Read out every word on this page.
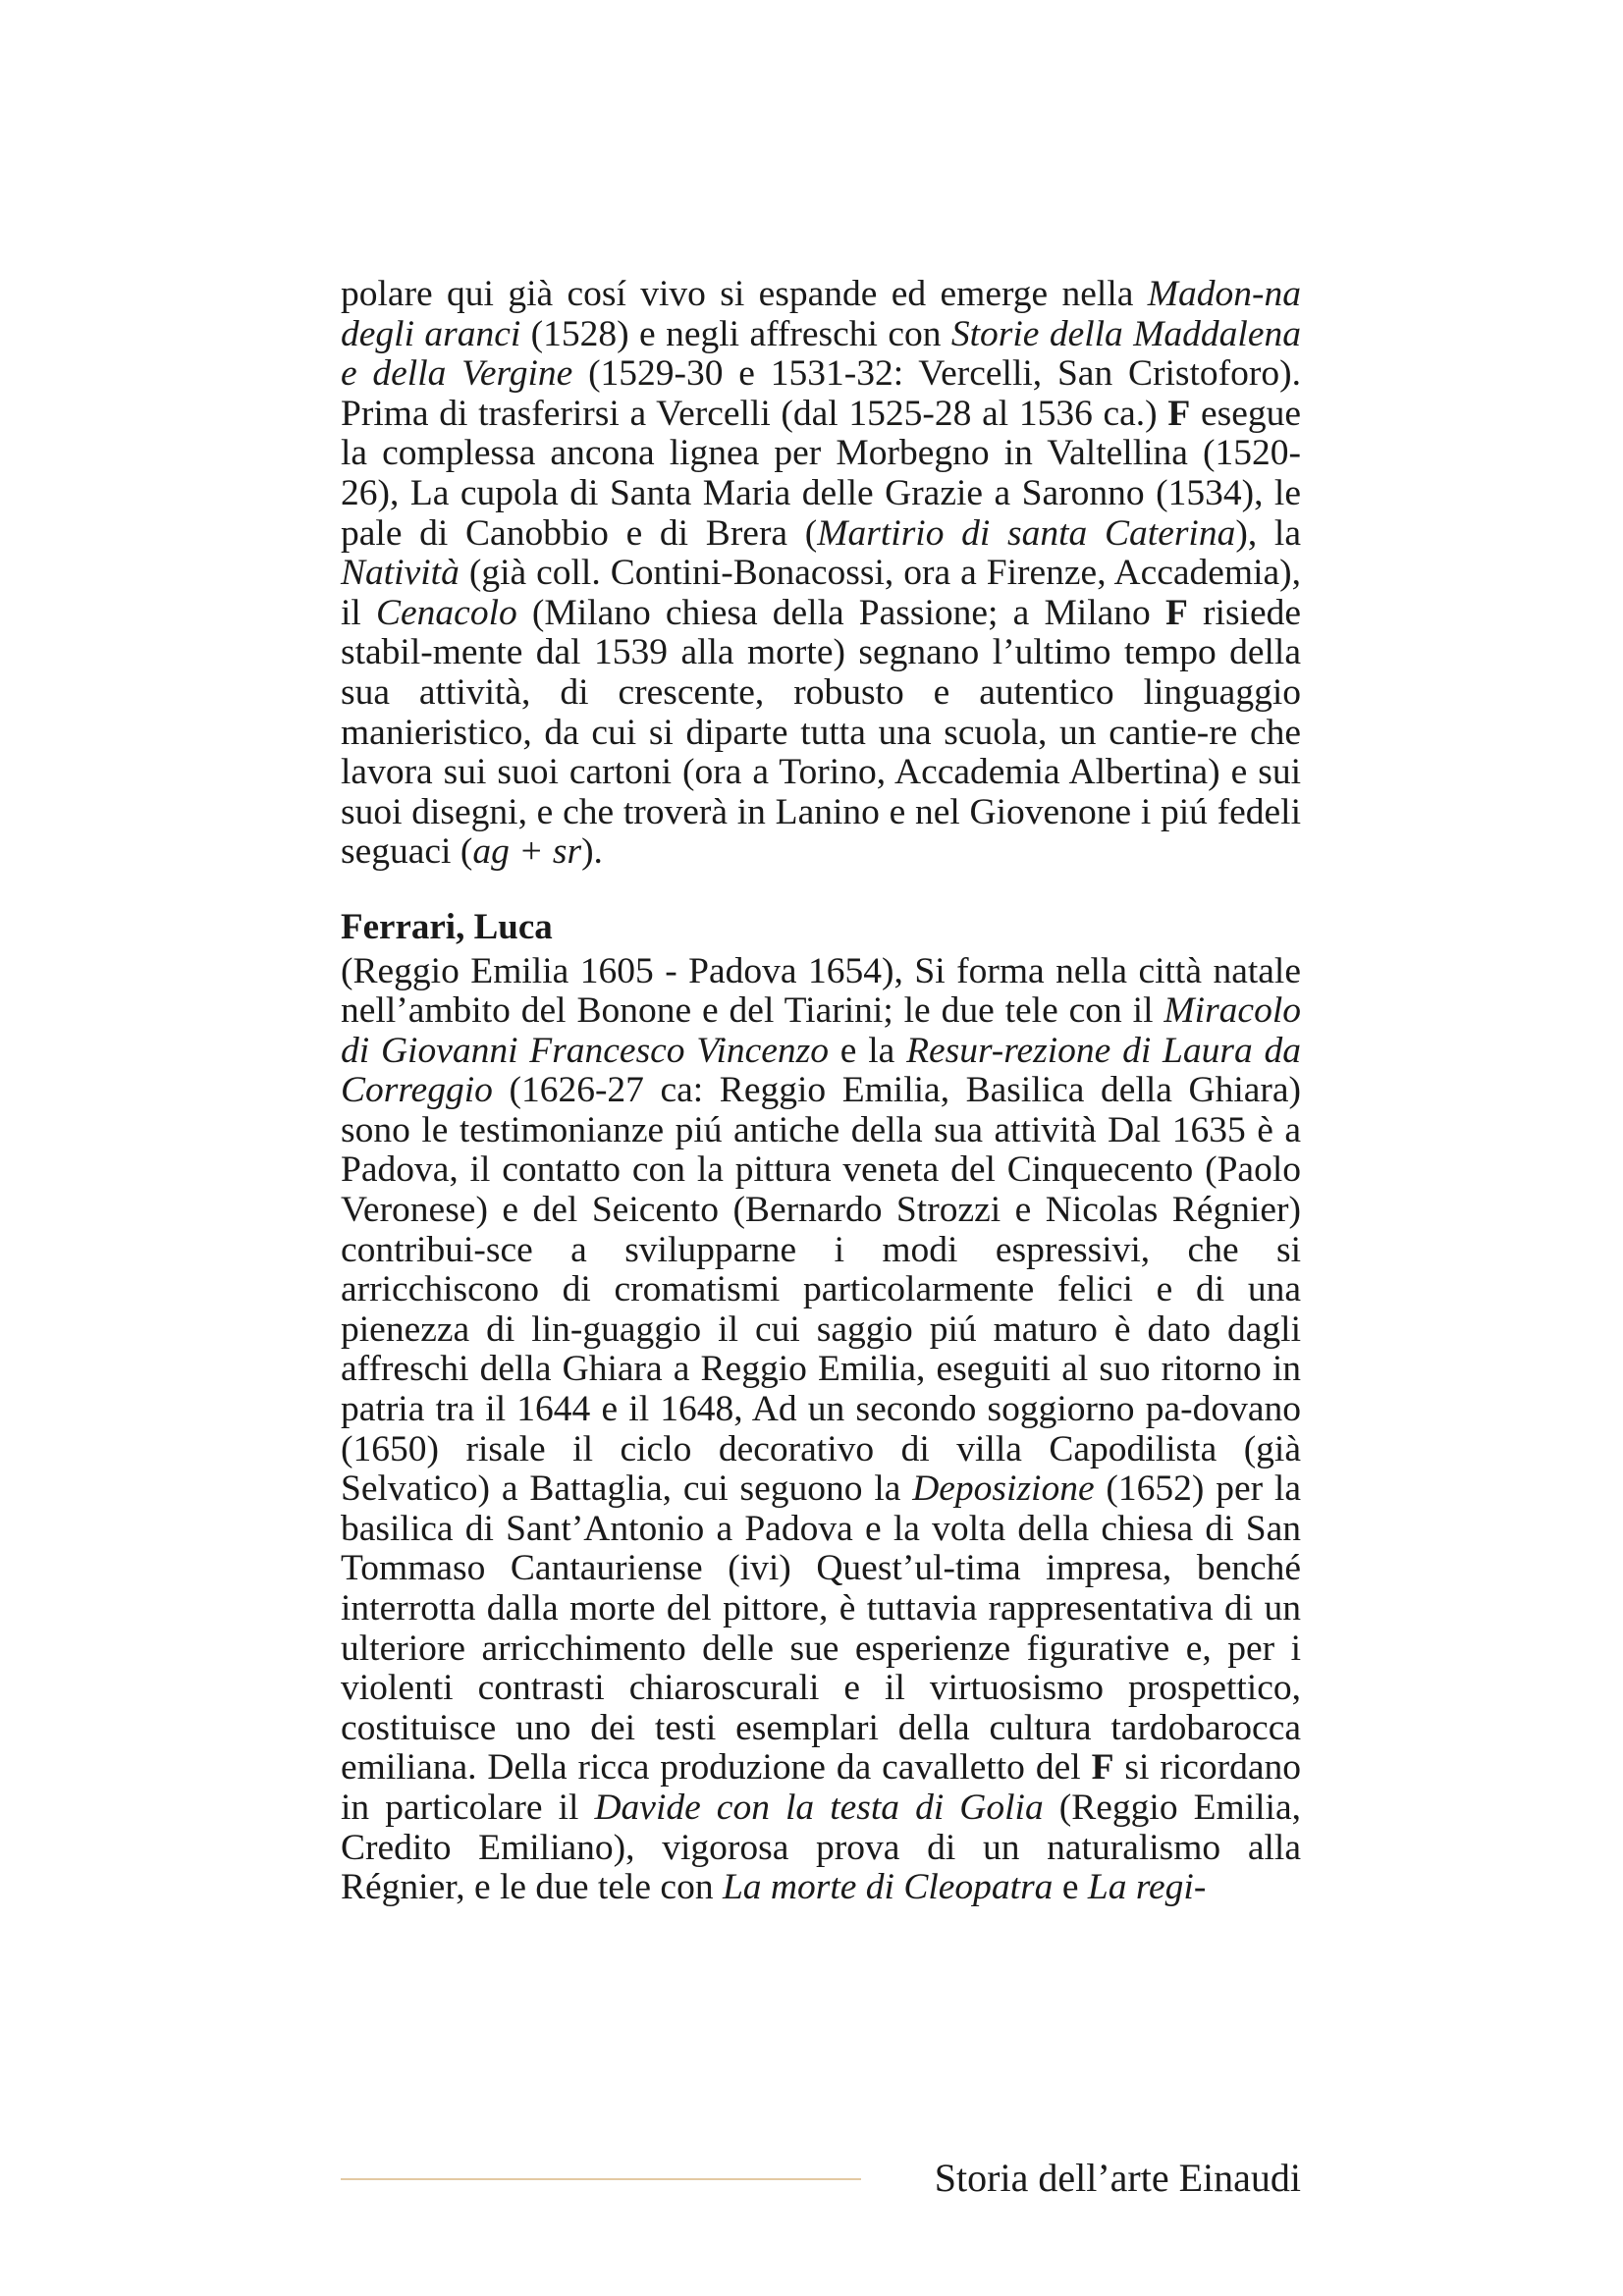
polare qui già cosí vivo si espande ed emerge nella Madon-na degli aranci (1528) e negli affreschi con Storie della Maddalena e della Vergine (1529-30 e 1531-32: Vercelli, San Cristoforo). Prima di trasferirsi a Vercelli (dal 1525-28 al 1536 ca.) F esegue la complessa ancona lignea per Morbegno in Valtellina (1520-26), La cupola di Santa Maria delle Grazie a Saronno (1534), le pale di Canobbio e di Brera (Martirio di santa Caterina), la Natività (già coll. Contini-Bonacossi, ora a Firenze, Accademia), il Cenacolo (Milano chiesa della Passione; a Milano F risiede stabil-mente dal 1539 alla morte) segnano l’ultimo tempo della sua attività, di crescente, robusto e autentico linguaggio manieristico, da cui si diparte tutta una scuola, un cantie-re che lavora sui suoi cartoni (ora a Torino, Accademia Albertina) e sui suoi disegni, e che troverà in Lanino e nel Giovenone i piú fedeli seguaci (ag + sr).

Ferrari, Luca

(Reggio Emilia 1605 - Padova 1654), Si forma nella città natale nell’ambito del Bonone e del Tiarini; le due tele con il Miracolo di Giovanni Francesco Vincenzo e la Resur-rezione di Laura da Correggio (1626-27 ca: Reggio Emilia, Basilica della Ghiara) sono le testimonianze piú antiche della sua attività Dal 1635 è a Padova, il contatto con la pittura veneta del Cinquecento (Paolo Veronese) e del Seicento (Bernardo Strozzi e Nicolas Régnier) contribui-sce a svilupparne i modi espressivi, che si arricchiscono di cromatismi particolarmente felici e di una pienezza di lin-guaggio il cui saggio piú maturo è dato dagli affreschi della Ghiara a Reggio Emilia, eseguiti al suo ritorno in patria tra il 1644 e il 1648, Ad un secondo soggiorno pa-dovano (1650) risale il ciclo decorativo di villa Capodilista (già Selvatico) a Battaglia, cui seguono la Deposizione (1652) per la basilica di Sant’Antonio a Padova e la volta della chiesa di San Tommaso Cantauriense (ivi) Quest’ul-tima impresa, benché interrotta dalla morte del pittore, è tuttavia rappresentativa di un ulteriore arricchimento delle sue esperienze figurative e, per i violenti contrasti chiaroscurali e il virtuosismo prospettico, costituisce uno dei testi esemplari della cultura tardobarocca emiliana. Della ricca produzione da cavalletto del F si ricordano in particolare il Davide con la testa di Golia (Reggio Emilia, Credito Emiliano), vigorosa prova di un naturalismo alla Régnier, e le due tele con La morte di Cleopatra e La regi-

Storia dell’arte Einaudi
